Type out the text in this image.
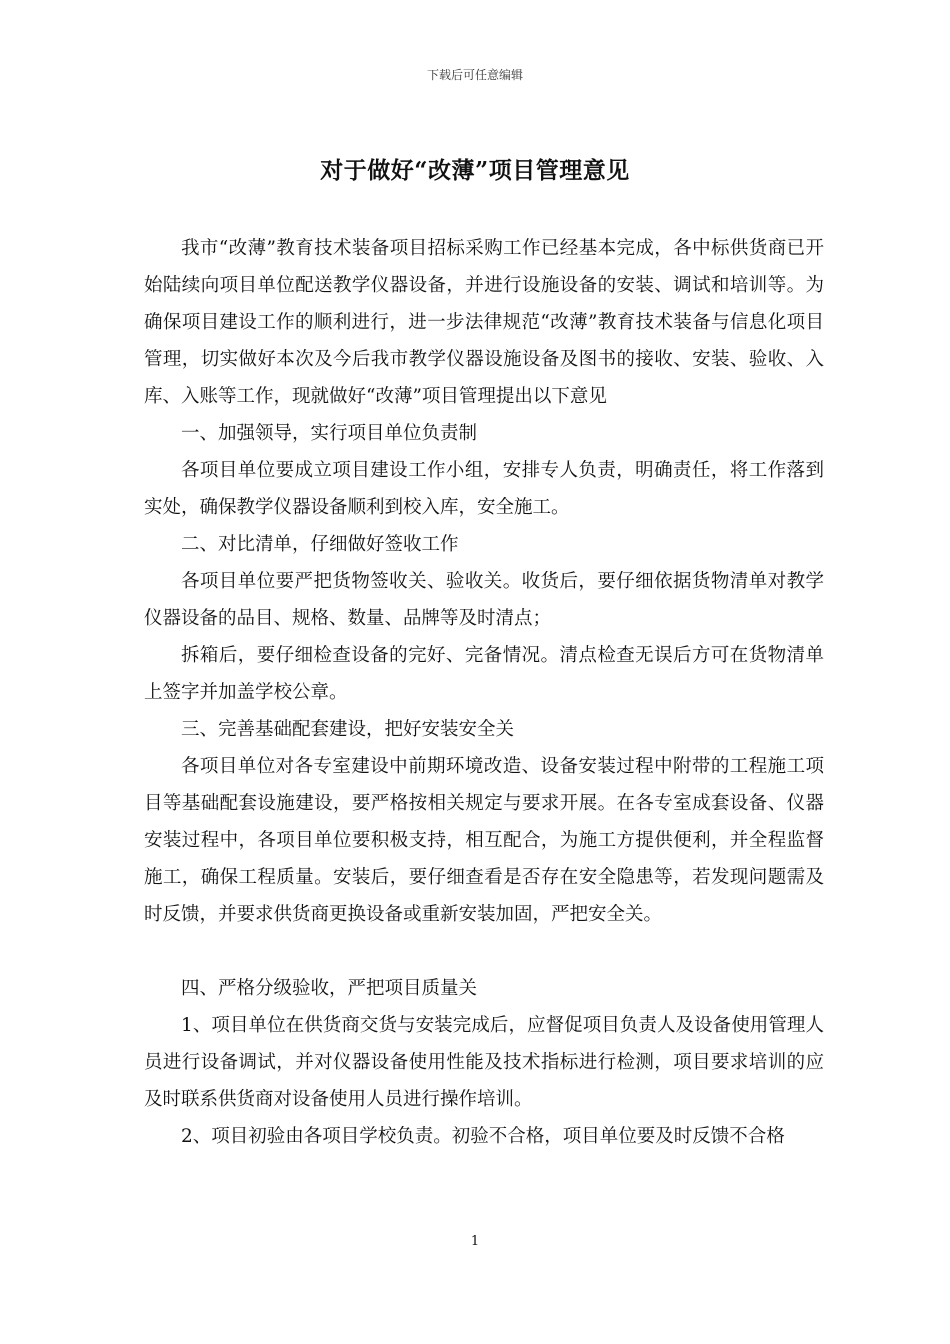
下载后可任意编辑
对于做好“改薄”项目管理意见

我市“改薄”教育技术装备项目招标采购工作已经基本完成，各中标供货商已开始陆续向项目单位配送教学仪器设备，并进行设施设备的安装、调试和培训等。为确保项目建设工作的顺利进行，进一步法律规范“改薄”教育技术装备与信息化项目管理，切实做好本次及今后我市教学仪器设施设备及图书的接收、安装、验收、入库、入账等工作，现就做好“改薄”项目管理提出以下意见

一、加强领导，实行项目单位负责制

各项目单位要成立项目建设工作小组，安排专人负责，明确责任，将工作落到实处，确保教学仪器设备顺利到校入库，安全施工。

二、对比清单，仔细做好签收工作

各项目单位要严把货物签收关、验收关。收货后，要仔细依据货物清单对教学仪器设备的品目、规格、数量、品牌等及时清点；

拆箱后，要仔细检查设备的完好、完备情况。清点检查无误后方可在货物清单上签字并加盖学校公章。

三、完善基础配套建设，把好安装安全关

各项目单位对各专室建设中前期环境改造、设备安装过程中附带的工程施工项目等基础配套设施建设，要严格按相关规定与要求开展。在各专室成套设备、仪器安装过程中，各项目单位要积极支持，相互配合，为施工方提供便利，并全程监督施工，确保工程质量。安装后，要仔细查看是否存在安全隐患等，若发现问题需及时反馈，并要求供货商更换设备或重新安装加固，严把安全关。

四、严格分级验收，严把项目质量关

1、项目单位在供货商交货与安装完成后，应督促项目负责人及设备使用管理人员进行设备调试，并对仪器设备使用性能及技术指标进行检测，项目要求培训的应及时联系供货商对设备使用人员进行操作培训。

2、项目初验由各项目学校负责。初验不合格，项目单位要及时反馈不合格

1
